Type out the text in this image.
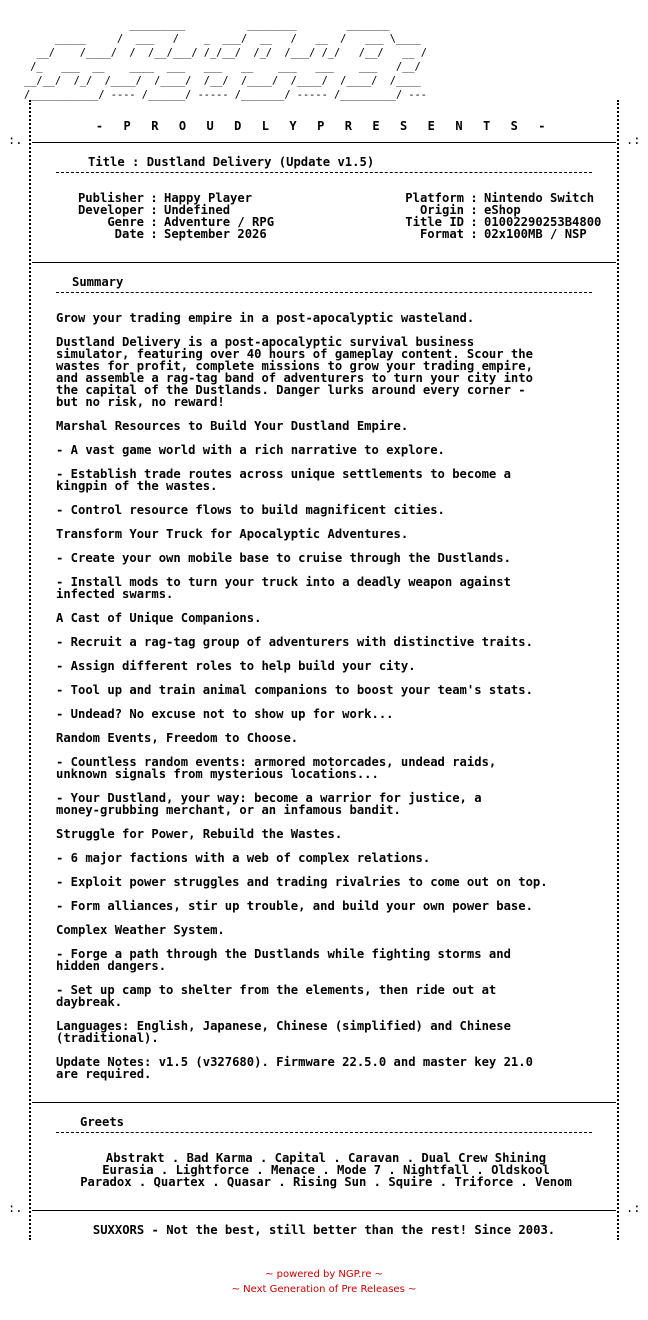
_________          ________        _______
_____     /  ___   /    _  ___/  __   /   __  /   ___ \____
__/    /____/  /  /__/___/ /_/__/  /_/  /___/ /_/   /__/   __ /
/_   ___  __    ____  ___   ___   __    ___   ___    ___   /__/
__/__/  /_/  /____/  /____/  /__/  /____/  /____/  /____/  /____
/___________/ ---- /______/ ----- /_______/ ----- /_________/ ---
:.	.:
:.	.:
- P R O U D L Y P R E S E N T S -
Title : Dustland Delivery (Update v1.5)
Publisher : Happy Player
Developer : Undefined
Genre : Adventure / RPG
Date : September 2026
Platform : Nintendo Switch
Origin : eShop
Title ID : 01002290253B4800
Format : 02x100MB / NSP
Summary
Grow your trading empire in a post-apocalyptic wasteland.
Dustland Delivery is a post-apocalyptic survival business
simulator, featuring over 40 hours of gameplay content. Scour the
wastes for profit, complete missions to grow your trading empire,
and assemble a rag-tag band of adventurers to turn your city into
the capital of the Dustlands. Danger lurks around every corner -
but no risk, no reward!
Marshal Resources to Build Your Dustland Empire.
- A vast game world with a rich narrative to explore.
- Establish trade routes across unique settlements to become a
kingpin of the wastes.
- Control resource flows to build magnificent cities.
Transform Your Truck for Apocalyptic Adventures.
- Create your own mobile base to cruise through the Dustlands.
- Install mods to turn your truck into a deadly weapon against
infected swarms.
A Cast of Unique Companions.
- Recruit a rag-tag group of adventurers with distinctive traits.
- Assign different roles to help build your city.
- Tool up and train animal companions to boost your team's stats.
- Undead? No excuse not to show up for work...
Random Events, Freedom to Choose.
- Countless random events: armored motorcades, undead raids,
unknown signals from mysterious locations...
- Your Dustland, your way: become a warrior for justice, a
money-grubbing merchant, or an infamous bandit.
Struggle for Power, Rebuild the Wastes.
- 6 major factions with a web of complex relations.
- Exploit power struggles and trading rivalries to come out on top.
- Form alliances, stir up trouble, and build your own power base.
Complex Weather System.
- Forge a path through the Dustlands while fighting storms and
hidden dangers.
- Set up camp to shelter from the elements, then ride out at
daybreak.
Languages: English, Japanese, Chinese (simplified) and Chinese
(traditional).
Update Notes: v1.5 (v327680). Firmware 22.5.0 and master key 21.0
are required.
Greets
Abstrakt . Bad Karma . Capital . Caravan . Dual Crew Shining
Eurasia . Lightforce . Menace . Mode 7 . Nightfall . Oldskool
Paradox . Quartex . Quasar . Rising Sun . Squire . Triforce . Venom
SUXXORS - Not the best, still better than the rest! Since 2003.
~ powered by NGP.re ~
~ Next Generation of Pre Releases ~
